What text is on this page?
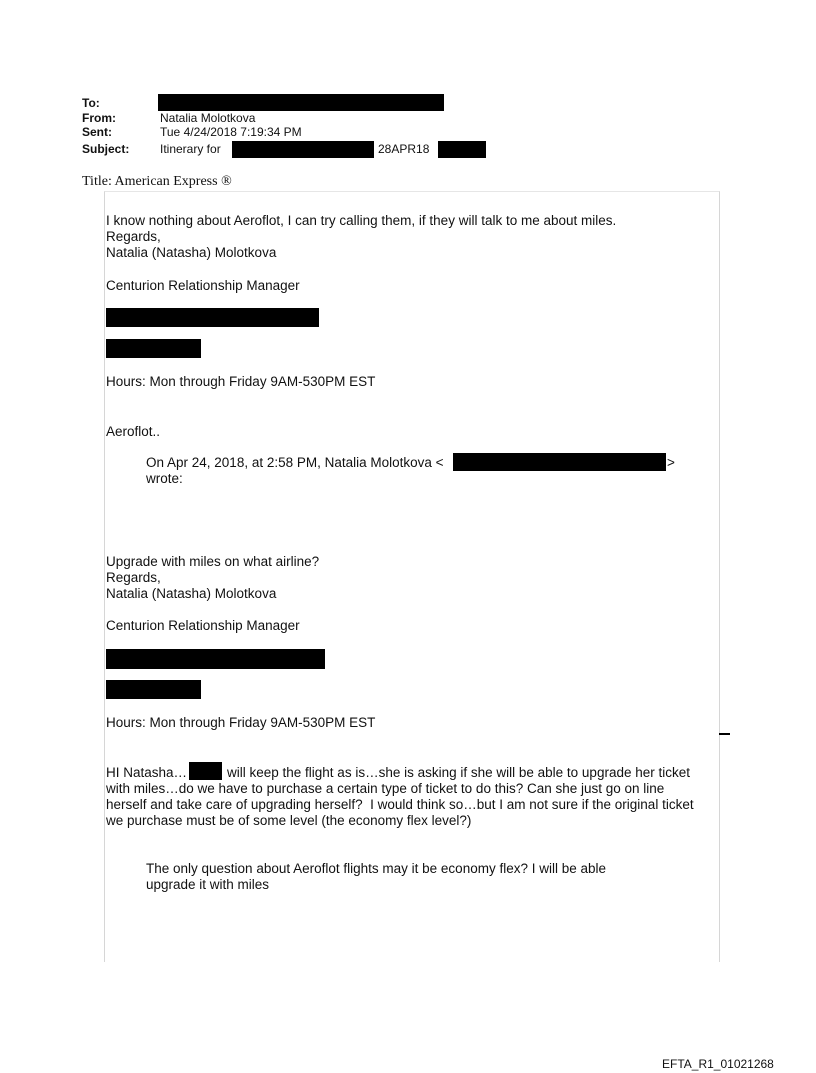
To:
From:	Natalia Molotkova
Sent:	Tue 4/24/2018 7:19:34 PM
Subject:	Itinerary for	28APR18
Title: American Express ®
I know nothing about Aeroflot, I can try calling them, if they will talk to me about miles.
Regards,
Natalia (Natasha) Molotkova
Centurion Relationship Manager
Hours: Mon through Friday 9AM-530PM EST
Aeroflot..
On Apr 24, 2018, at 2:58 PM, Natalia Molotkova <	>
wrote:
Upgrade with miles on what airline?
Regards,
Natalia (Natasha) Molotkova
Centurion Relationship Manager
Hours: Mon through Friday 9AM-530PM EST
HI Natasha…	will keep the flight as is…she is asking if she will be able to upgrade her ticket
with miles…do we have to purchase a certain type of ticket to do this? Can she just go on line
herself and take care of upgrading herself?  I would think so…but I am not sure if the original ticket
we purchase must be of some level (the economy flex level?)
The only question about Aeroflot flights may it be economy flex? I will be able
upgrade it with miles
EFTA_R1_01021268
